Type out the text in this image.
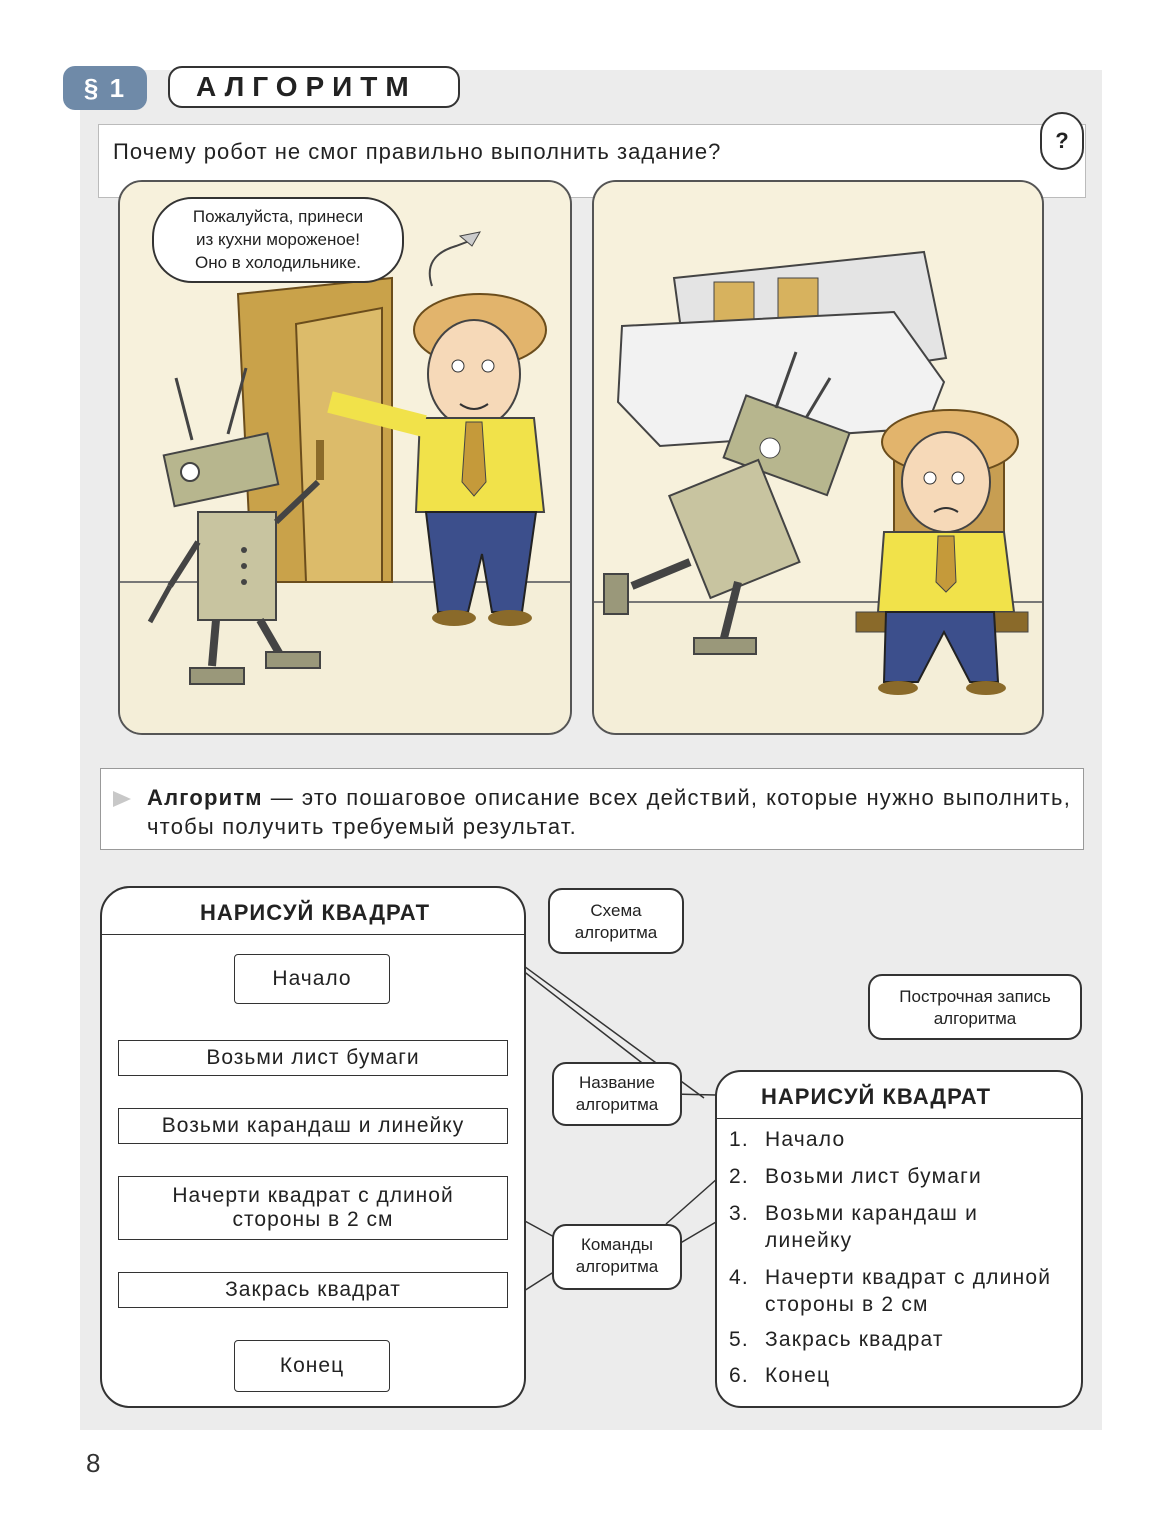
§ 1	АЛГОРИТМ
Почему робот не смог правильно выполнить задание?	?
Пожалуйста, принеси
из кухни мороженое!
Оно в холодильнике.
Алгоритм — это пошаговое описание всех действий, которые нужно выполнить, чтобы получить требуемый результат.
НАРИСУЙ КВАДРАТ
Начало
Возьми лист бумаги
Возьми карандаш и линейку
Начерти квадрат с длиной стороны в 2 см
Закрась квадрат
Конец
Схема алгоритма
Построчная запись алгоритма
Название алгоритма
Команды алгоритма
НАРИСУЙ КВАДРАТ
1. Начало
2. Возьми лист бумаги
3. Возьми карандаш и линейку
4. Начерти квадрат с длиной стороны в 2 см
5. Закрась квадрат
6. Конец
8
